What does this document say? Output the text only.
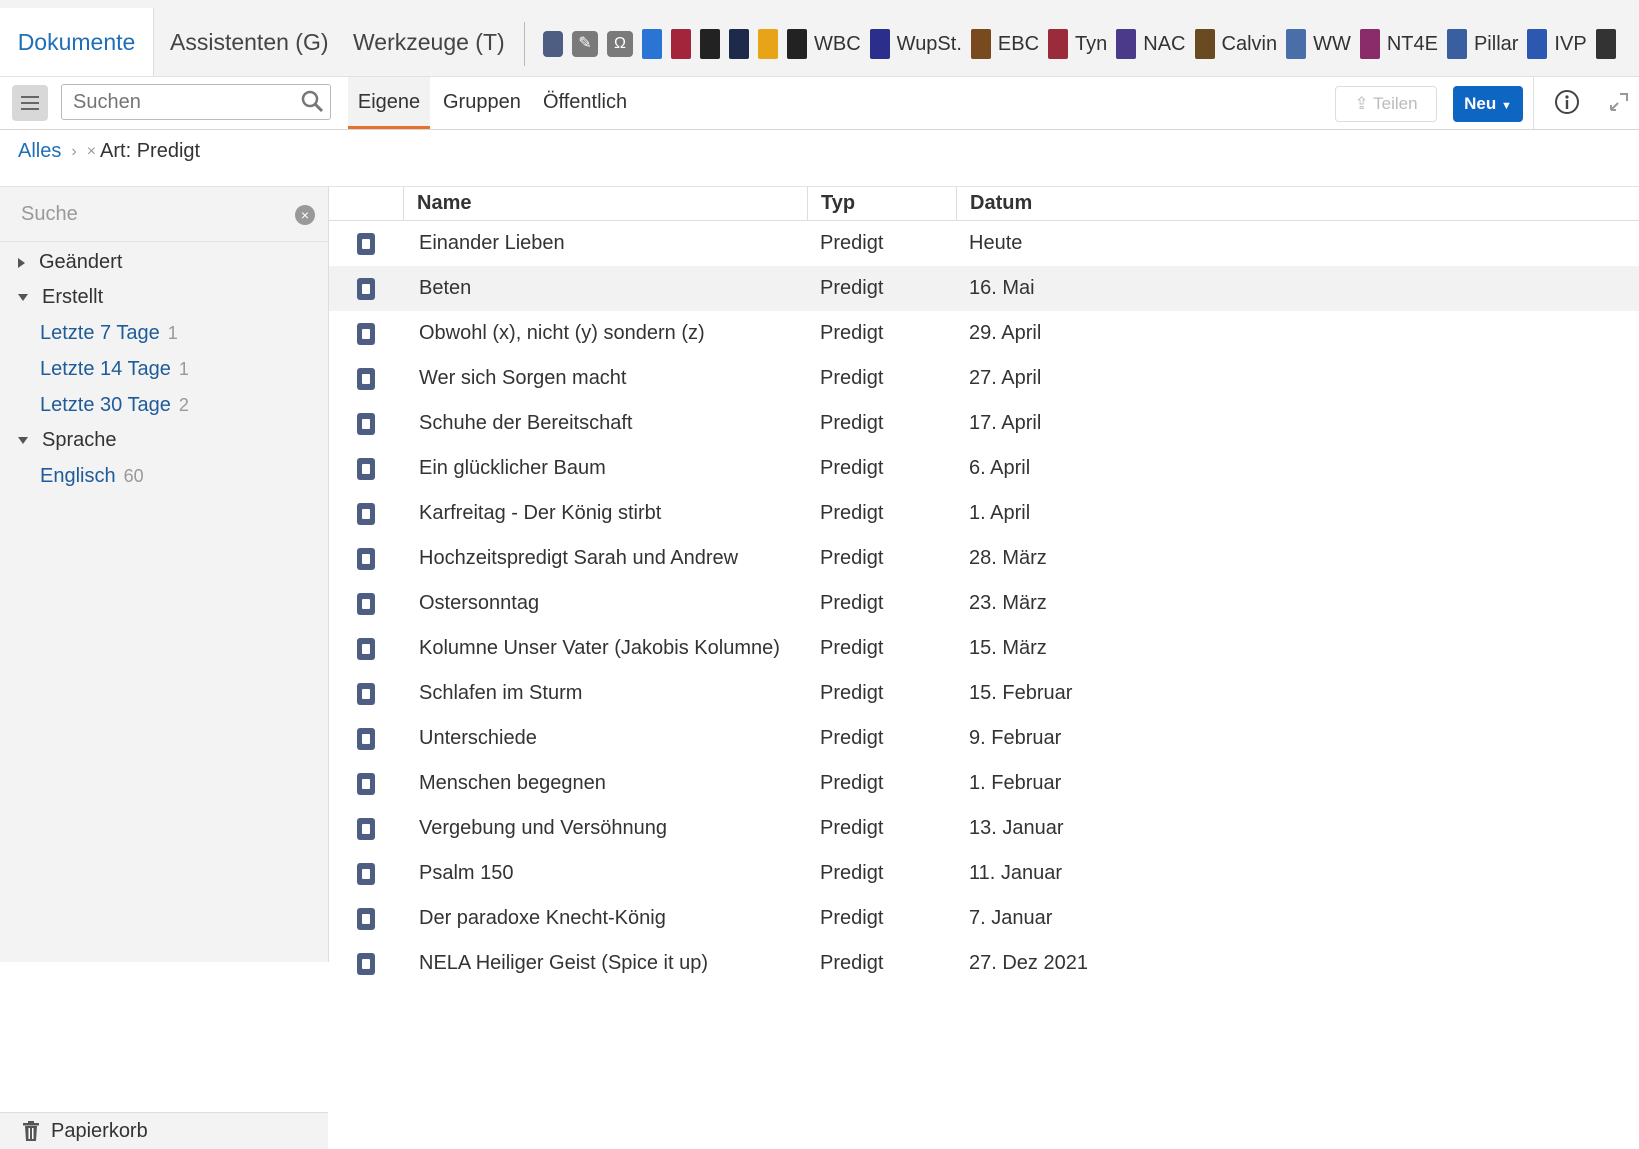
Dokumente	Assistenten (G) Werkzeuge (T)	✎	Ω	WBC WupSt. EBC Tyn NAC Calvin WW NT4E Pillar IVP
Suchen
Eigene	Gruppen Öffentlich	⇪ Teilen	Neu ▼
Alles › × Art: Predigt
Suche	×
Geändert
Erstellt
Letzte 7 Tage 1
Letzte 14 Tage 1
Letzte 30 Tage 2
Sprache
Englisch 60
Papierkorb
Name	Typ	Datum
Einander Lieben	Predigt	Heute
Beten	Predigt	16. Mai
Obwohl (x), nicht (y) sondern (z)	Predigt	29. April
Wer sich Sorgen macht	Predigt	27. April
Schuhe der Bereitschaft	Predigt	17. April
Ein glücklicher Baum	Predigt	6. April
Karfreitag - Der König stirbt	Predigt	1. April
Hochzeitspredigt Sarah und Andrew	Predigt	28. März
Ostersonntag	Predigt	23. März
Kolumne Unser Vater (Jakobis Kolumne) Predigt	15. März
Schlafen im Sturm	Predigt	15. Februar
Unterschiede	Predigt	9. Februar
Menschen begegnen	Predigt	1. Februar
Vergebung und Versöhnung	Predigt	13. Januar
Psalm 150	Predigt	11. Januar
Der paradoxe Knecht-König	Predigt	7. Januar
NELA Heiliger Geist (Spice it up)	Predigt	27. Dez 2021
